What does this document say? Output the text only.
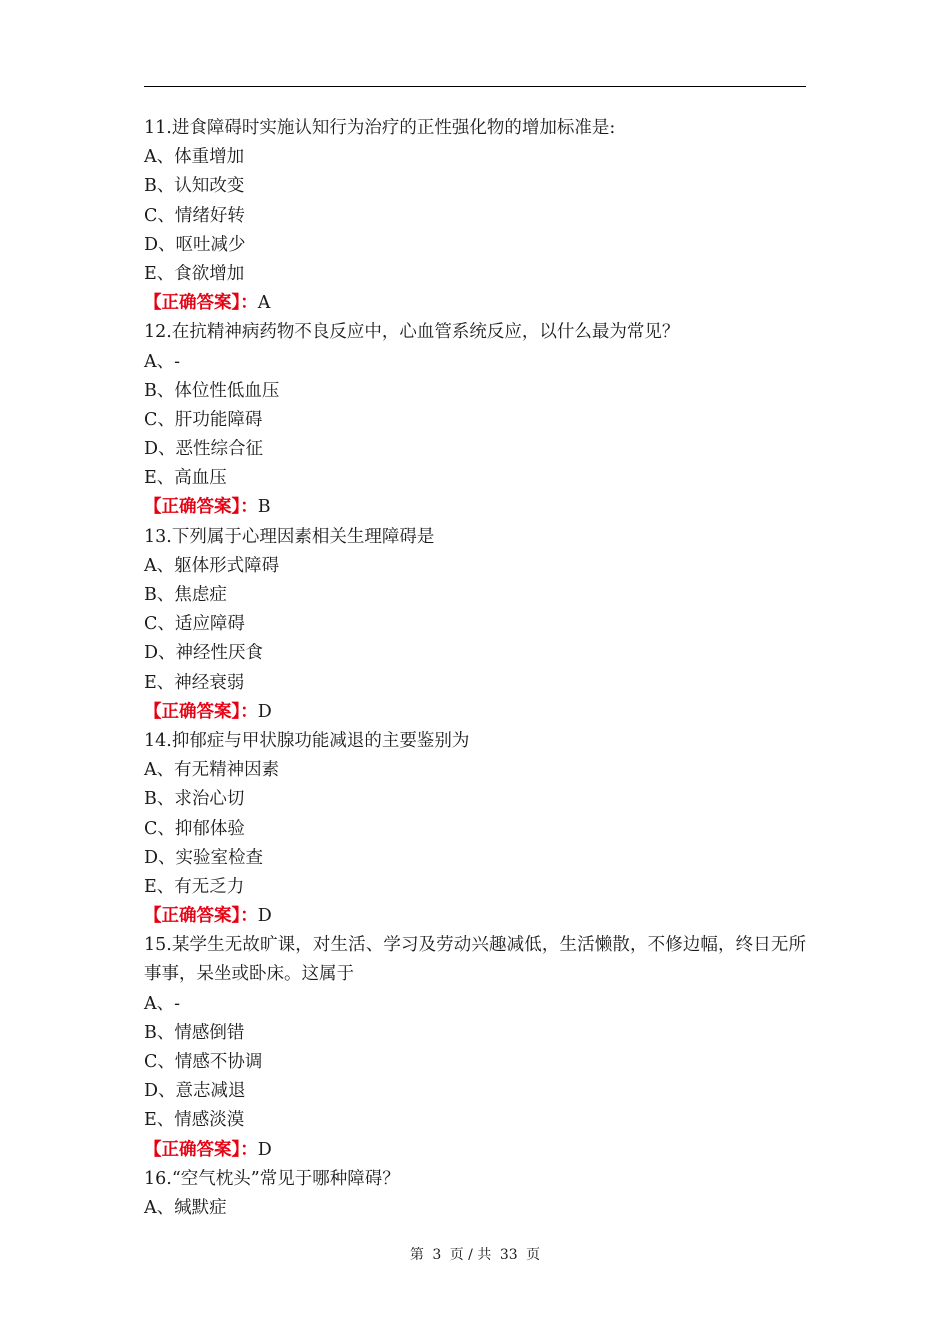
11.进食障碍时实施认知行为治疗的正性强化物的增加标准是:
A、体重增加
B、认知改变
C、情绪好转
D、呕吐减少
E、食欲增加
【正确答案】：A
12.在抗精神病药物不良反应中，心血管系统反应，以什么最为常见？
A、-
B、体位性低血压
C、肝功能障碍
D、恶性综合征
E、高血压
【正确答案】：B
13.下列属于心理因素相关生理障碍是
A、躯体形式障碍
B、焦虑症
C、适应障碍
D、神经性厌食
E、神经衰弱
【正确答案】：D
14.抑郁症与甲状腺功能减退的主要鉴别为
A、有无精神因素
B、求治心切
C、抑郁体验
D、实验室检查
E、有无乏力
【正确答案】：D
15.某学生无故旷课，对生活、学习及劳动兴趣减低，生活懒散，不修边幅，终日无所事事，呆坐或卧床。这属于
A、-
B、情感倒错
C、情感不协调
D、意志减退
E、情感淡漠
【正确答案】：D
16.“空气枕头”常见于哪种障碍？
A、缄默症
第 3 页 / 共 33 页
